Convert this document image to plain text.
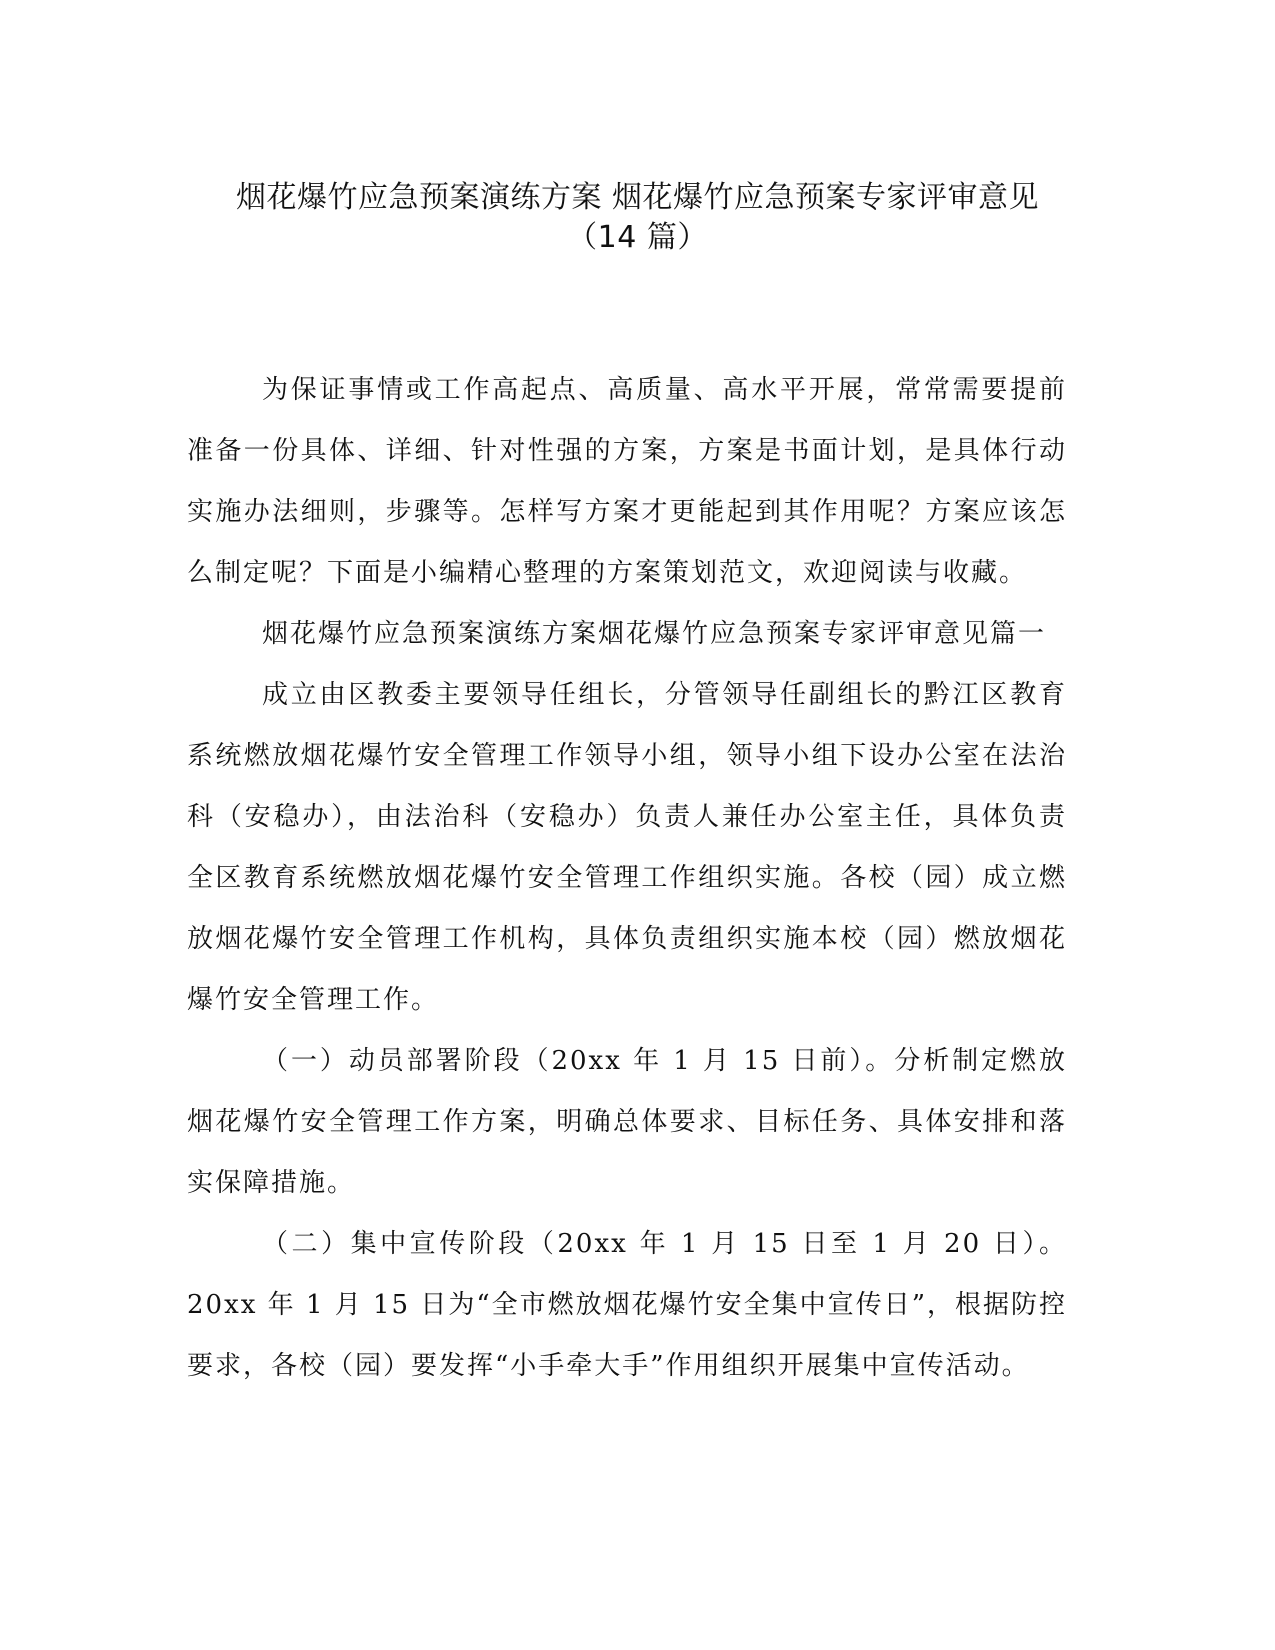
烟花爆竹应急预案演练方案 烟花爆竹应急预案专家评审意见
（14 篇）

为保证事情或工作高起点、高质量、高水平开展，常常需要提前准备一份具体、详细、针对性强的方案，方案是书面计划，是具体行动实施办法细则，步骤等。怎样写方案才更能起到其作用呢？方案应该怎么制定呢？下面是小编精心整理的方案策划范文，欢迎阅读与收藏。

烟花爆竹应急预案演练方案烟花爆竹应急预案专家评审意见篇一

成立由区教委主要领导任组长，分管领导任副组长的黔江区教育系统燃放烟花爆竹安全管理工作领导小组，领导小组下设办公室在法治科（安稳办），由法治科（安稳办）负责人兼任办公室主任，具体负责全区教育系统燃放烟花爆竹安全管理工作组织实施。各校（园）成立燃放烟花爆竹安全管理工作机构，具体负责组织实施本校（园）燃放烟花爆竹安全管理工作。

（一）动员部署阶段（20xx 年 1 月 15 日前）。分析制定燃放烟花爆竹安全管理工作方案，明确总体要求、目标任务、具体安排和落实保障措施。

（二）集中宣传阶段（20xx 年 1 月 15 日至 1 月 20 日）。20xx 年 1 月 15 日为“全市燃放烟花爆竹安全集中宣传日”，根据防控要求，各校（园）要发挥“小手牵大手”作用组织开展集中宣传活动。
